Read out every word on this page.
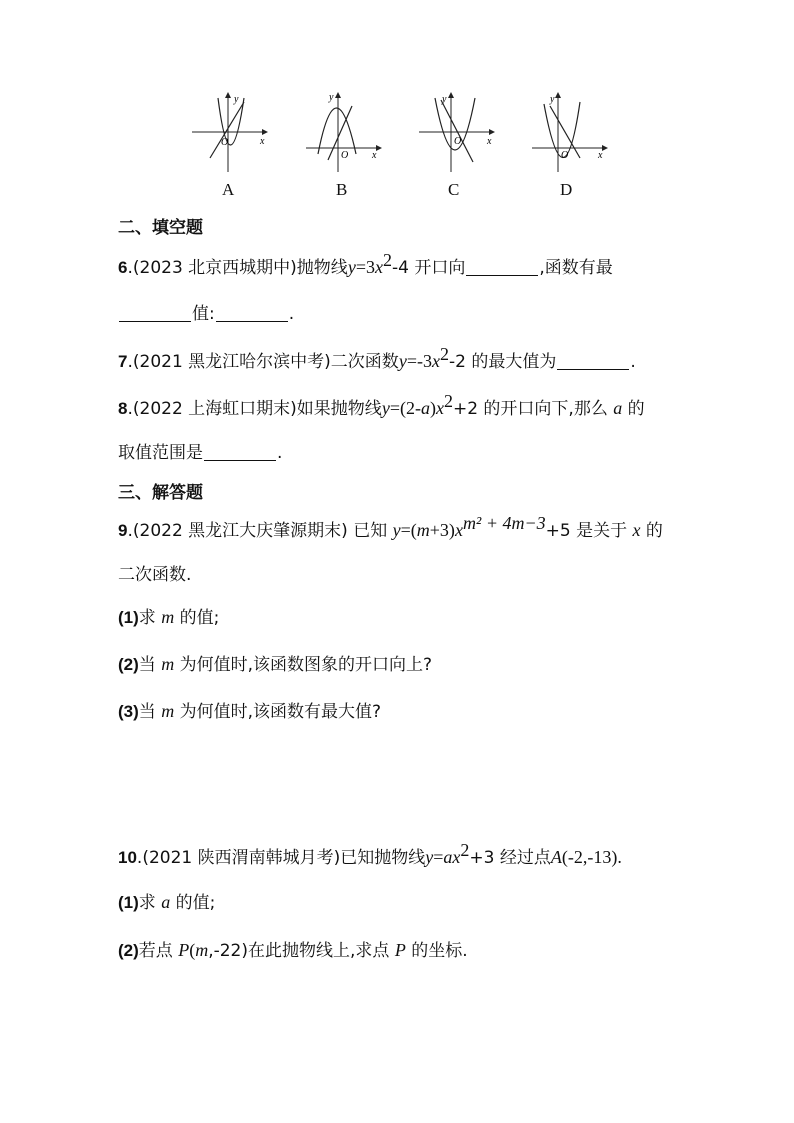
y
x
O
y
x
O
y
x
O
y
x
O
A	B	C	D
二、填空题
6.(2023 北京西城期中)抛物线$y=3x^2-4$ 开口向	,函数有最
值:	.
7.(2021 黑龙江哈尔滨中考)二次函数$y=-3x^2-2$ 的最大值为	.
8.(2022 上海虹口期末)如果抛物线$y=(2-a)x^2+2$ 的开口向下,那么 a 的
取值范围是	.
三、解答题
9.(2022 黑龙江大庆肇源期末) 已知 $y=(m+3)x^{m^2 + 4m-3}+5$ 是关于 x 的
二次函数.
(1)求 m 的值;
(2)当 m 为何值时,该函数图象的开口向上?
(3)当 m 为何值时,该函数有最大值?
10.(2021 陕西渭南韩城月考)已知抛物线$y=ax^2+3$ 经过点A(-2,-13).
(1)求 a 的值;
(2)若点 P(m,-22)在此抛物线上,求点 P 的坐标.
